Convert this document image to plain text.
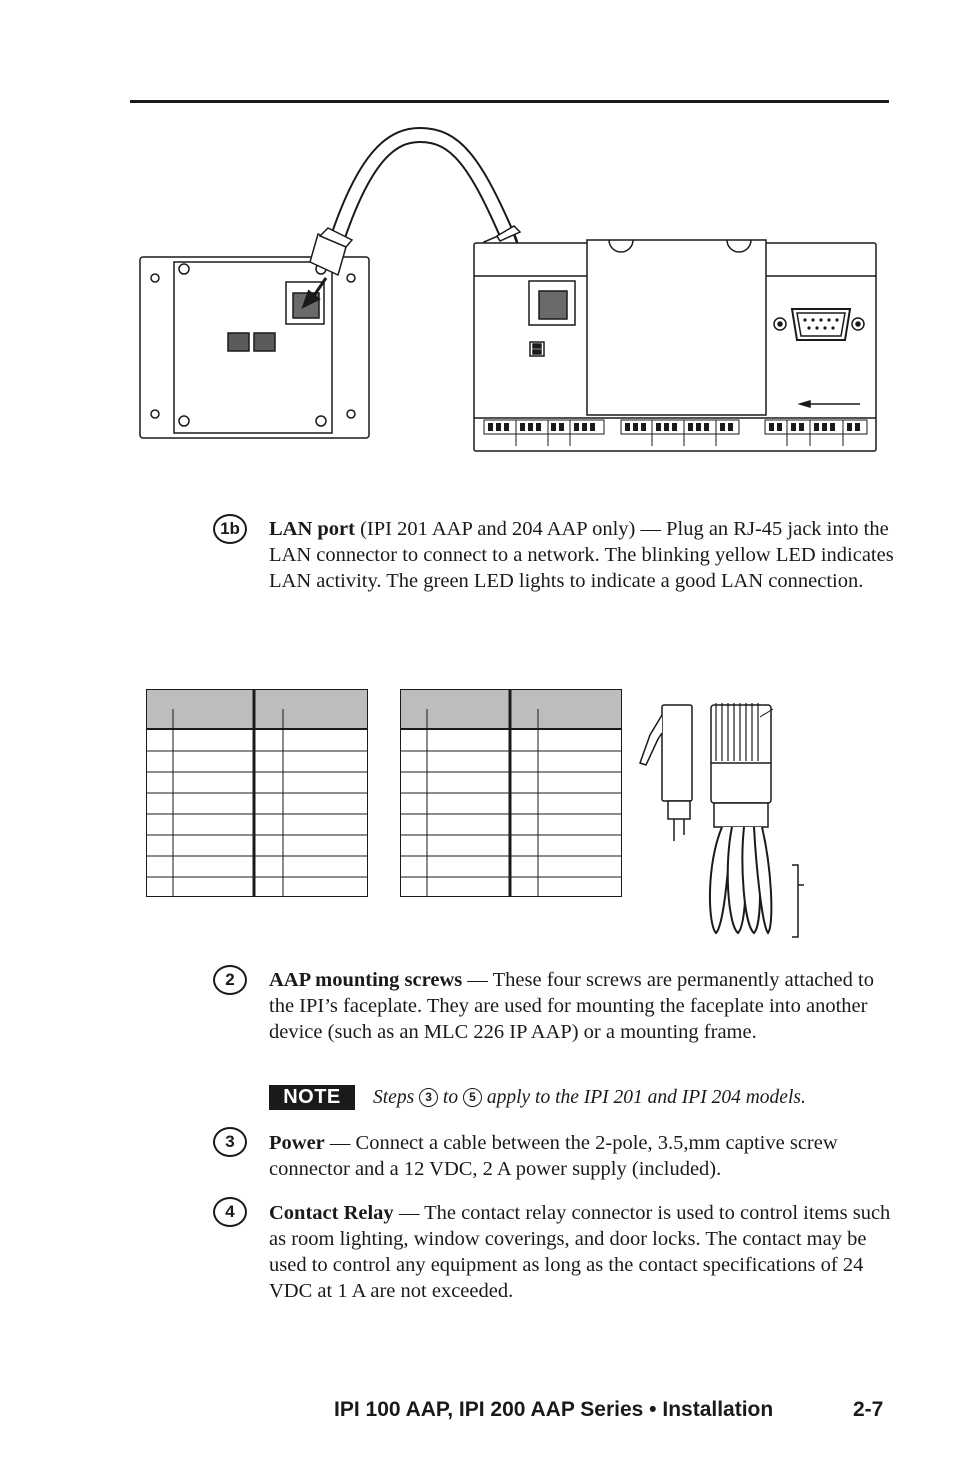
1b	LAN port (IPI 201 AAP and 204 AAP only) — Plug an RJ-45 jack into the LAN connector to connect to a network. The blinking yellow LED indicates LAN activity. The green LED lights to indicate a good LAN connection.

2	AAP mounting screws — These four screws are permanently attached to the IPI’s faceplate. They are used for mounting the faceplate into another device (such as an MLC 226 IP AAP) or a mounting frame.

NOTE	Steps 3 to 5 apply to the IPI 201 and IPI 204 models.
3	Power — Connect a cable between the 2-pole, 3.5,mm captive screw connector and a 12 VDC, 2 A power supply (included).

4	Contact Relay — The contact relay connector is used to control items such as room lighting, window coverings, and door locks. The contact may be used to control any equipment as long as the contact specifications of 24 VDC at 1 A are not exceeded.

IPI 100 AAP, IPI 200 AAP Series • Installation	2-7
